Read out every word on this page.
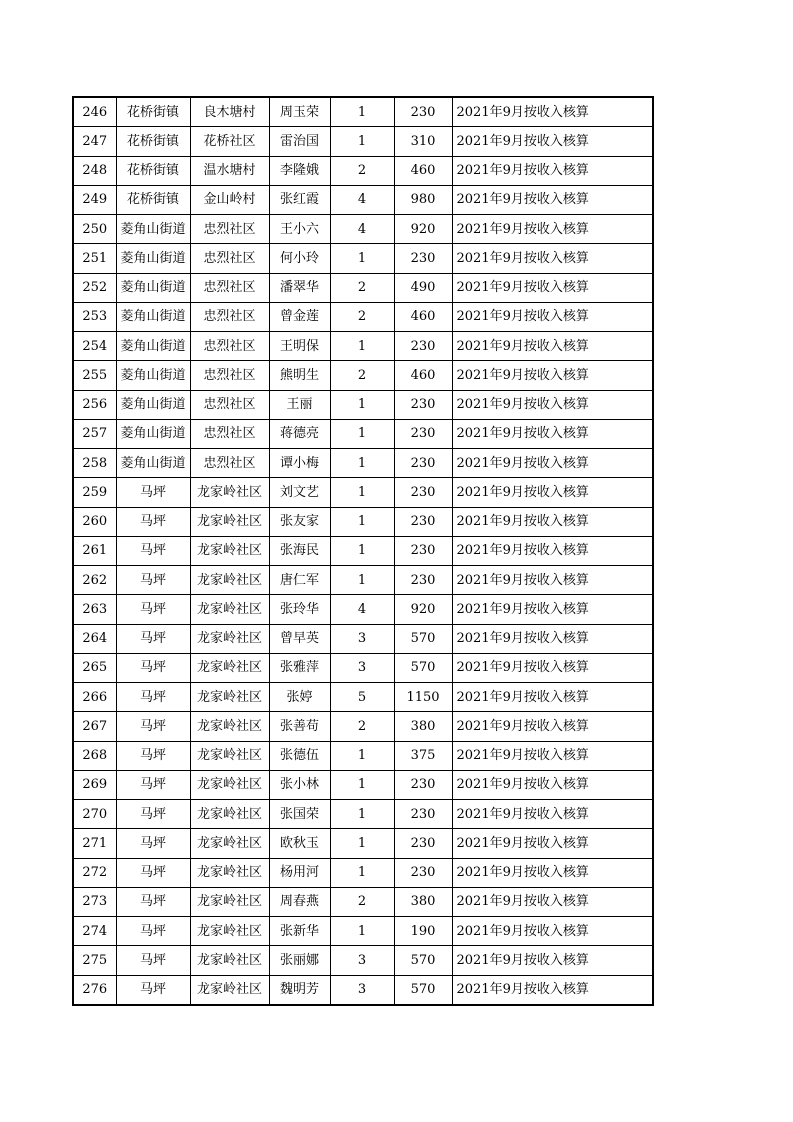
246	花桥街镇	良木塘村	周玉荣	1	230	2021年9月按收入核算
247	花桥街镇	花桥社区	雷治国	1	310	2021年9月按收入核算
248	花桥街镇	温水塘村	李隆娥	2	460	2021年9月按收入核算
249	花桥街镇	金山岭村	张红霞	4	980	2021年9月按收入核算
250	菱角山街道	忠烈社区	王小六	4	920	2021年9月按收入核算
251	菱角山街道	忠烈社区	何小玲	1	230	2021年9月按收入核算
252	菱角山街道	忠烈社区	潘翠华	2	490	2021年9月按收入核算
253	菱角山街道	忠烈社区	曾金莲	2	460	2021年9月按收入核算
254	菱角山街道	忠烈社区	王明保	1	230	2021年9月按收入核算
255	菱角山街道	忠烈社区	熊明生	2	460	2021年9月按收入核算
256	菱角山街道	忠烈社区	王丽	1	230	2021年9月按收入核算
257	菱角山街道	忠烈社区	蒋德亮	1	230	2021年9月按收入核算
258	菱角山街道	忠烈社区	谭小梅	1	230	2021年9月按收入核算
259	马坪	龙家岭社区	刘文艺	1	230	2021年9月按收入核算
260	马坪	龙家岭社区	张友家	1	230	2021年9月按收入核算
261	马坪	龙家岭社区	张海民	1	230	2021年9月按收入核算
262	马坪	龙家岭社区	唐仁军	1	230	2021年9月按收入核算
263	马坪	龙家岭社区	张玲华	4	920	2021年9月按收入核算
264	马坪	龙家岭社区	曾早英	3	570	2021年9月按收入核算
265	马坪	龙家岭社区	张雅萍	3	570	2021年9月按收入核算
266	马坪	龙家岭社区	张婷	5	1150	2021年9月按收入核算
267	马坪	龙家岭社区	张善苟	2	380	2021年9月按收入核算
268	马坪	龙家岭社区	张德伍	1	375	2021年9月按收入核算
269	马坪	龙家岭社区	张小林	1	230	2021年9月按收入核算
270	马坪	龙家岭社区	张国荣	1	230	2021年9月按收入核算
271	马坪	龙家岭社区	欧秋玉	1	230	2021年9月按收入核算
272	马坪	龙家岭社区	杨用河	1	230	2021年9月按收入核算
273	马坪	龙家岭社区	周春燕	2	380	2021年9月按收入核算
274	马坪	龙家岭社区	张新华	1	190	2021年9月按收入核算
275	马坪	龙家岭社区	张丽娜	3	570	2021年9月按收入核算
276	马坪	龙家岭社区	魏明芳	3	570	2021年9月按收入核算
